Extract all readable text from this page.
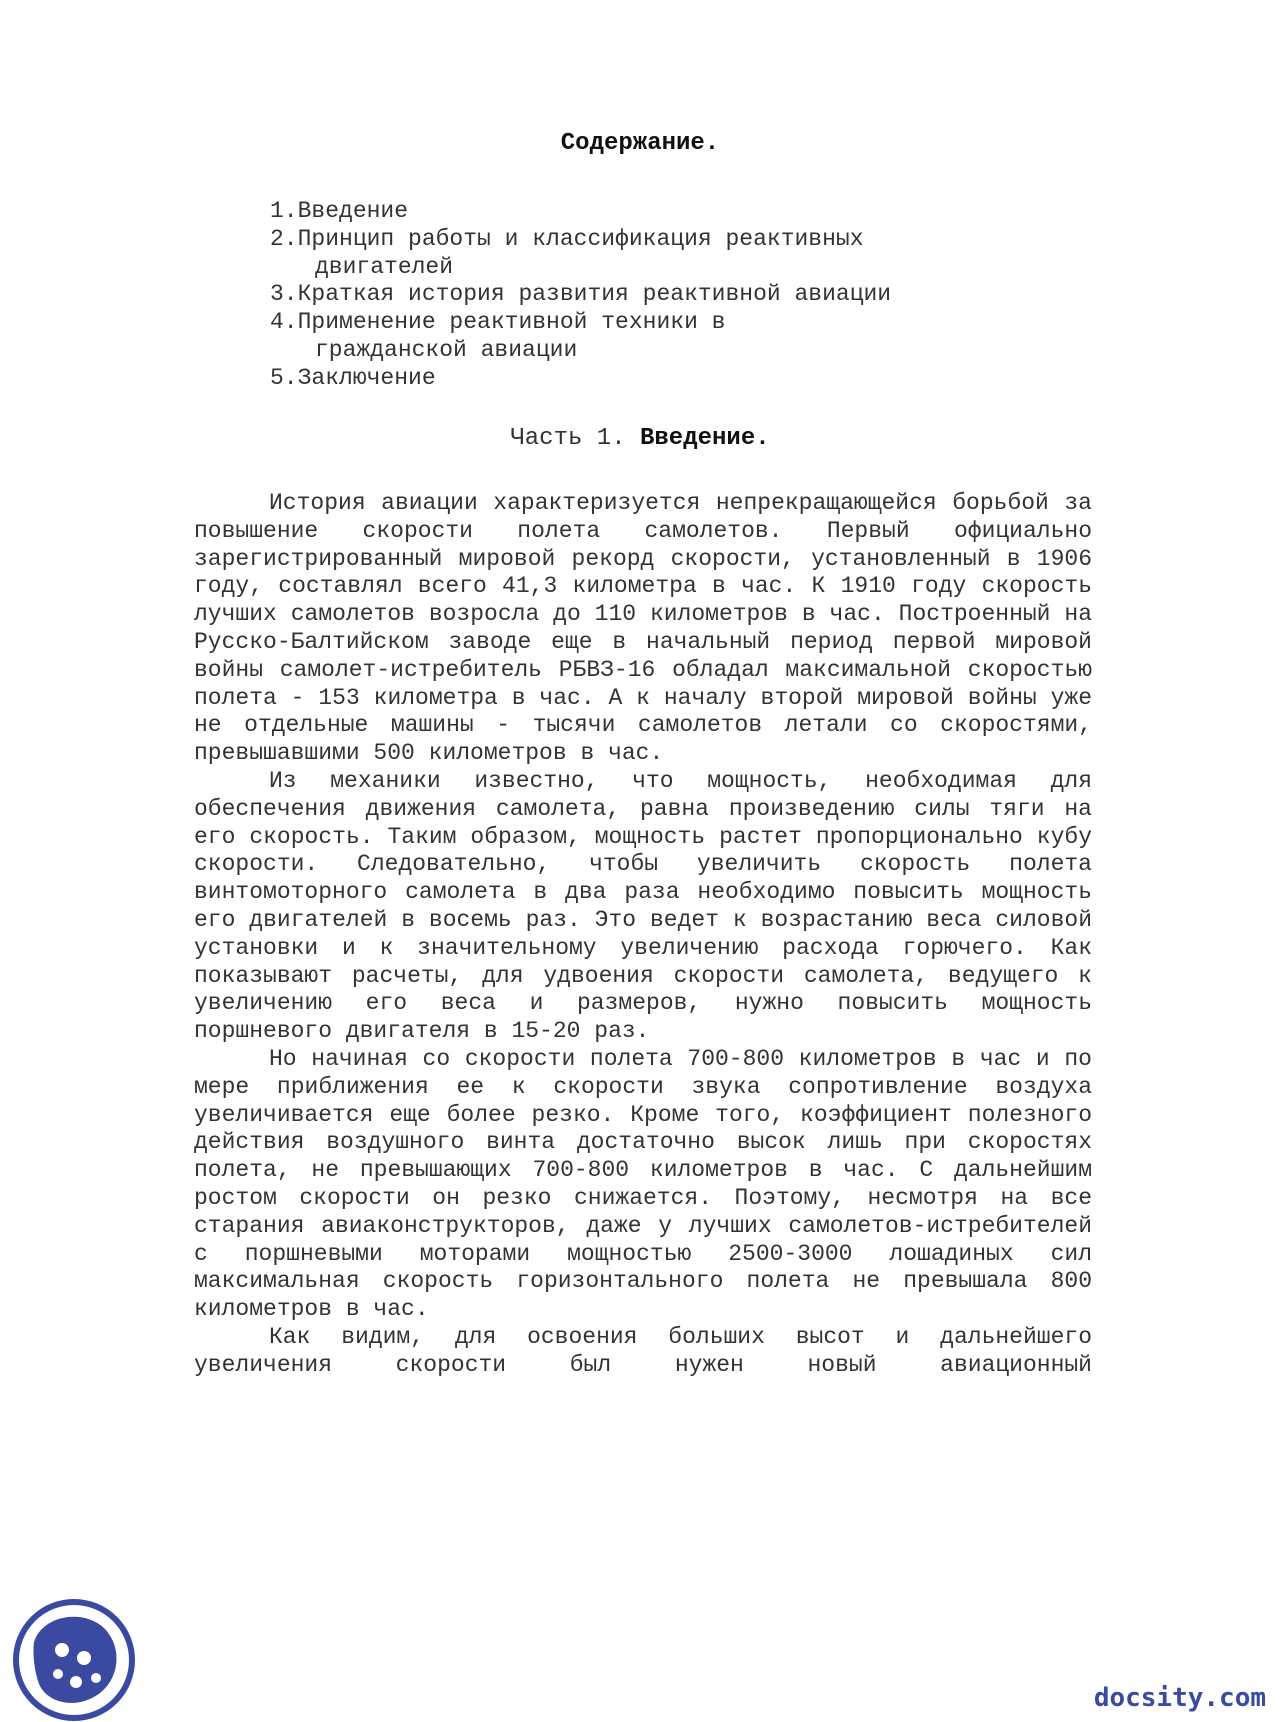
Содержание.
1.Введение
2.Принцип работы и классификация реактивных
двигателей
3.Краткая история развития реактивной авиации
4.Применение реактивной техники в
гражданской авиации
5.Заключение
Часть 1. Введение.

История авиации характеризуется непрекращающейся борьбой за повышение скорости полета самолетов. Первый официально зарегистрированный мировой рекорд скорости, установленный в 1906 году, составлял всего 41,3 километра в час. К 1910 году скорость лучших самолетов возросла до 110 километров в час. Построенный на Русско-Балтийском заводе еще в начальный период первой мировой войны самолет-истребитель РБВЗ-16 обладал максимальной скоростью полета - 153 километра в час. А к началу второй мировой войны уже не отдельные машины - тысячи самолетов летали со скоростями, превышавшими 500 километров в час.

Из механики известно, что мощность, необходимая для обеспечения движения самолета, равна произведению силы тяги на его скорость. Таким образом, мощность растет пропорционально кубу скорости. Следовательно, чтобы увеличить скорость полета винтомоторного самолета в два раза необходимо повысить мощность его двигателей в восемь раз. Это ведет к возрастанию веса силовой установки и к значительному увеличению расхода горючего. Как показывают расчеты, для удвоения скорости самолета, ведущего к увеличению его веса и размеров, нужно повысить мощность поршневого двигателя в 15-20 раз.

Но начиная со скорости полета 700-800 километров в час и по мере приближения ее к скорости звука сопротивление воздуха увеличивается еще более резко. Кроме того, коэффициент полезного действия воздушного винта достаточно высок лишь при скоростях полета, не превышающих 700-800 километров в час. С дальнейшим ростом скорости он резко снижается. Поэтому, несмотря на все старания авиаконструкторов, даже у лучших самолетов-истребителей с поршневыми моторами мощностью 2500-3000 лошадиных сил максимальная скорость горизонтального полета не превышала 800 километров в час.

Как видим, для освоения больших высот и дальнейшего увеличения скорости был нужен новый авиационный

docsity.com
